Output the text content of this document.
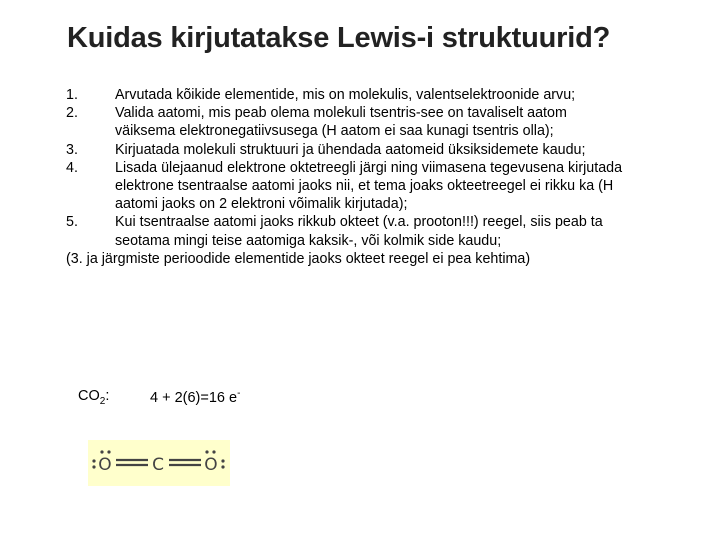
Kuidas kirjutatakse Lewis-i struktuurid?
1.	Arvutada kõikide elementide, mis on molekulis, valentselektroonide arvu;
2.	Valida aatomi, mis peab olema molekuli tsentris-see on tavaliselt aatom väiksema elektronegatiivsusega (H aatom ei saa kunagi tsentris olla);
3.	Kirjuatada molekuli struktuuri ja ühendada aatomeid üksiksidemete kaudu;
4.	Lisada ülejaanud elektrone oktetreegli järgi ning viimasena tegevusena kirjutada elektrone tsentraalse aatomi jaoks nii, et tema joaks okteetreegel ei rikku ka (H aatomi jaoks on 2 elektroni võimalik kirjutada);
5.	Kui tsentraalse aatomi jaoks rikkub okteet (v.a. prooton!!!) reegel, siis peab ta seotama mingi teise aatomiga kaksik-, või kolmik side kaudu;
(3. ja järgmiste perioodide elementide jaoks okteet reegel ei pea kehtima)
$CO_2$:	4 + 2(6)=16 e-
O C O
